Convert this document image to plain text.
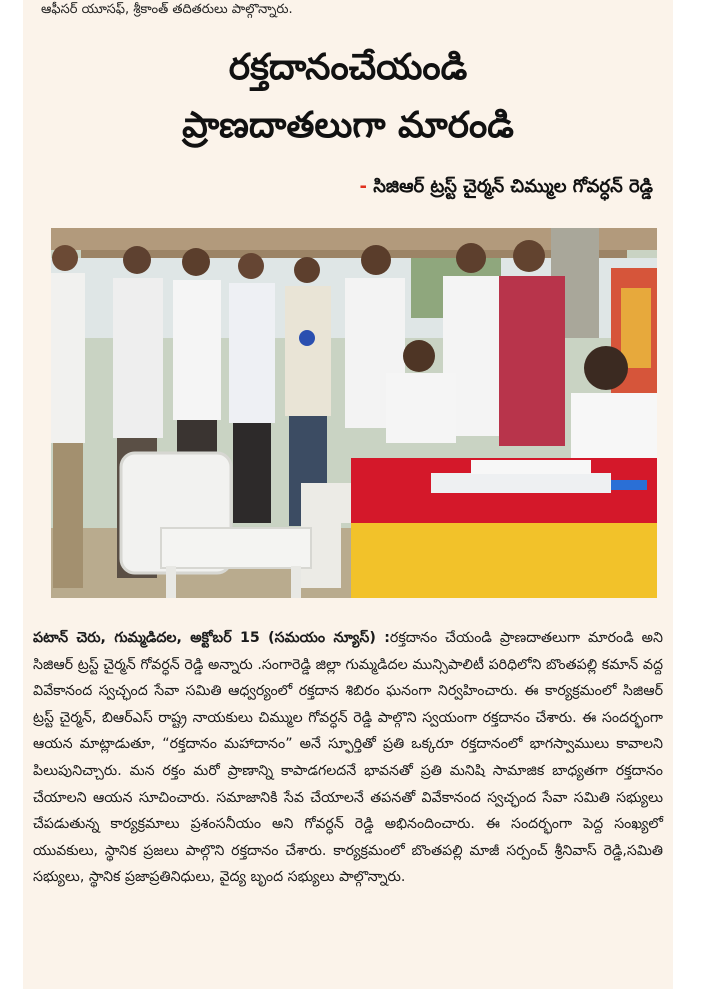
ఆఫీసర్ యూసఫ్, శ్రీకాంత్ తదితరులు పాల్గొన్నారు.
రక్తదానంచేయండి
ప్రాణదాతలుగా మారండి
- సిజిఆర్ ట్రస్ట్ చైర్మన్ చిమ్ముల గోవర్ధన్ రెడ్డి
పటాన్ చెరు, గుమ్మడిదల, అక్టోబర్ 15 (సమయం న్యూస్) :రక్తదానం చేయండి ప్రాణదాతలుగా మారండి అని సిజిఆర్ ట్రస్ట్ చైర్మన్ గోవర్ధన్ రెడ్డి అన్నారు .సంగారెడ్డి జిల్లా గుమ్మడిదల మున్సిపాలిటీ పరిధిలోని బొంతపల్లి కమాన్ వద్ద వివేకానంద స్వచ్ఛంద సేవా సమితి ఆధ్వర్యంలో రక్తదాన శిబిరం ఘనంగా నిర్వహించారు. ఈ కార్యక్రమంలో సిజిఆర్ ట్రస్ట్ చైర్మన్, బిఆర్ఎస్ రాష్ట్ర నాయకులు చిమ్ముల గోవర్ధన్ రెడ్డి పాల్గొని స్వయంగా రక్తదానం చేశారు. ఈ సందర్భంగా ఆయన మాట్లాడుతూ, “రక్తదానం మహాదానం” అనే స్ఫూర్తితో ప్రతి ఒక్కరూ రక్తదానంలో భాగస్వాములు కావాలని పిలుపునిచ్చారు. మన రక్తం మరో ప్రాణాన్ని కాపాడగలదనే భావనతో ప్రతి మనిషి సామాజిక బాధ్యతగా రక్తదానం చేయాలని ఆయన సూచించారు. సమాజానికి సేవ చేయాలనే తపనతో వివేకానంద స్వచ్ఛంద సేవా సమితి సభ్యులు చేపడుతున్న కార్యక్రమాలు ప్రశంసనీయం అని గోవర్ధన్ రెడ్డి అభినందించారు. ఈ సందర్భంగా పెద్ద సంఖ్యలో యువకులు, స్థానిక ప్రజలు పాల్గొని రక్తదానం చేశారు. కార్యక్రమంలో బొంతపల్లి మాజీ సర్పంచ్ శ్రీనివాస్ రెడ్డి,సమితి సభ్యులు, స్థానిక ప్రజాప్రతినిధులు, వైద్య బృంద సభ్యులు పాల్గొన్నారు.
